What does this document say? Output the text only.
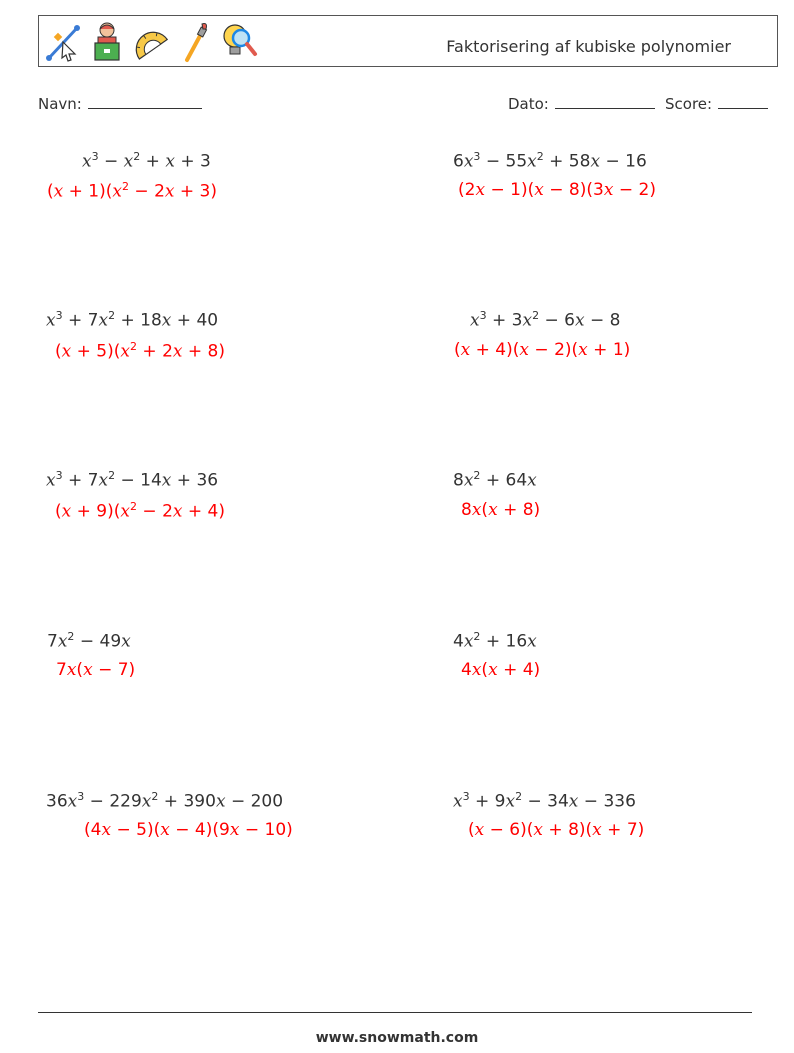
Faktorisering af kubiske polynomier
Navn:	Dato:	Score:
$x^3 - x^2 + x + 3$
$(x + 1)(x^2 - 2x + 3)$
$6x^3 - 55x^2 + 58x - 16$
(2x − 1)(x − 8)(3x − 2)
$x^3 + 7x^2 + 18x + 40$
$(x + 5)(x^2 + 2x + 8)$
$x^3 + 3x^2 - 6x - 8$
(x + 4)(x − 2)(x + 1)
$x^3 + 7x^2 - 14x + 36$
$(x + 9)(x^2 - 2x + 4)$
$8x^2 + 64x$
8x(x + 8)
$7x^2 - 49x$
7x(x − 7)
$4x^2 + 16x$
4x(x + 4)
$36x^3 - 229x^2 + 390x - 200$
(4x − 5)(x − 4)(9x − 10)
$x^3 + 9x^2 - 34x - 336$
(x − 6)(x + 8)(x + 7)
www.snowmath.com
